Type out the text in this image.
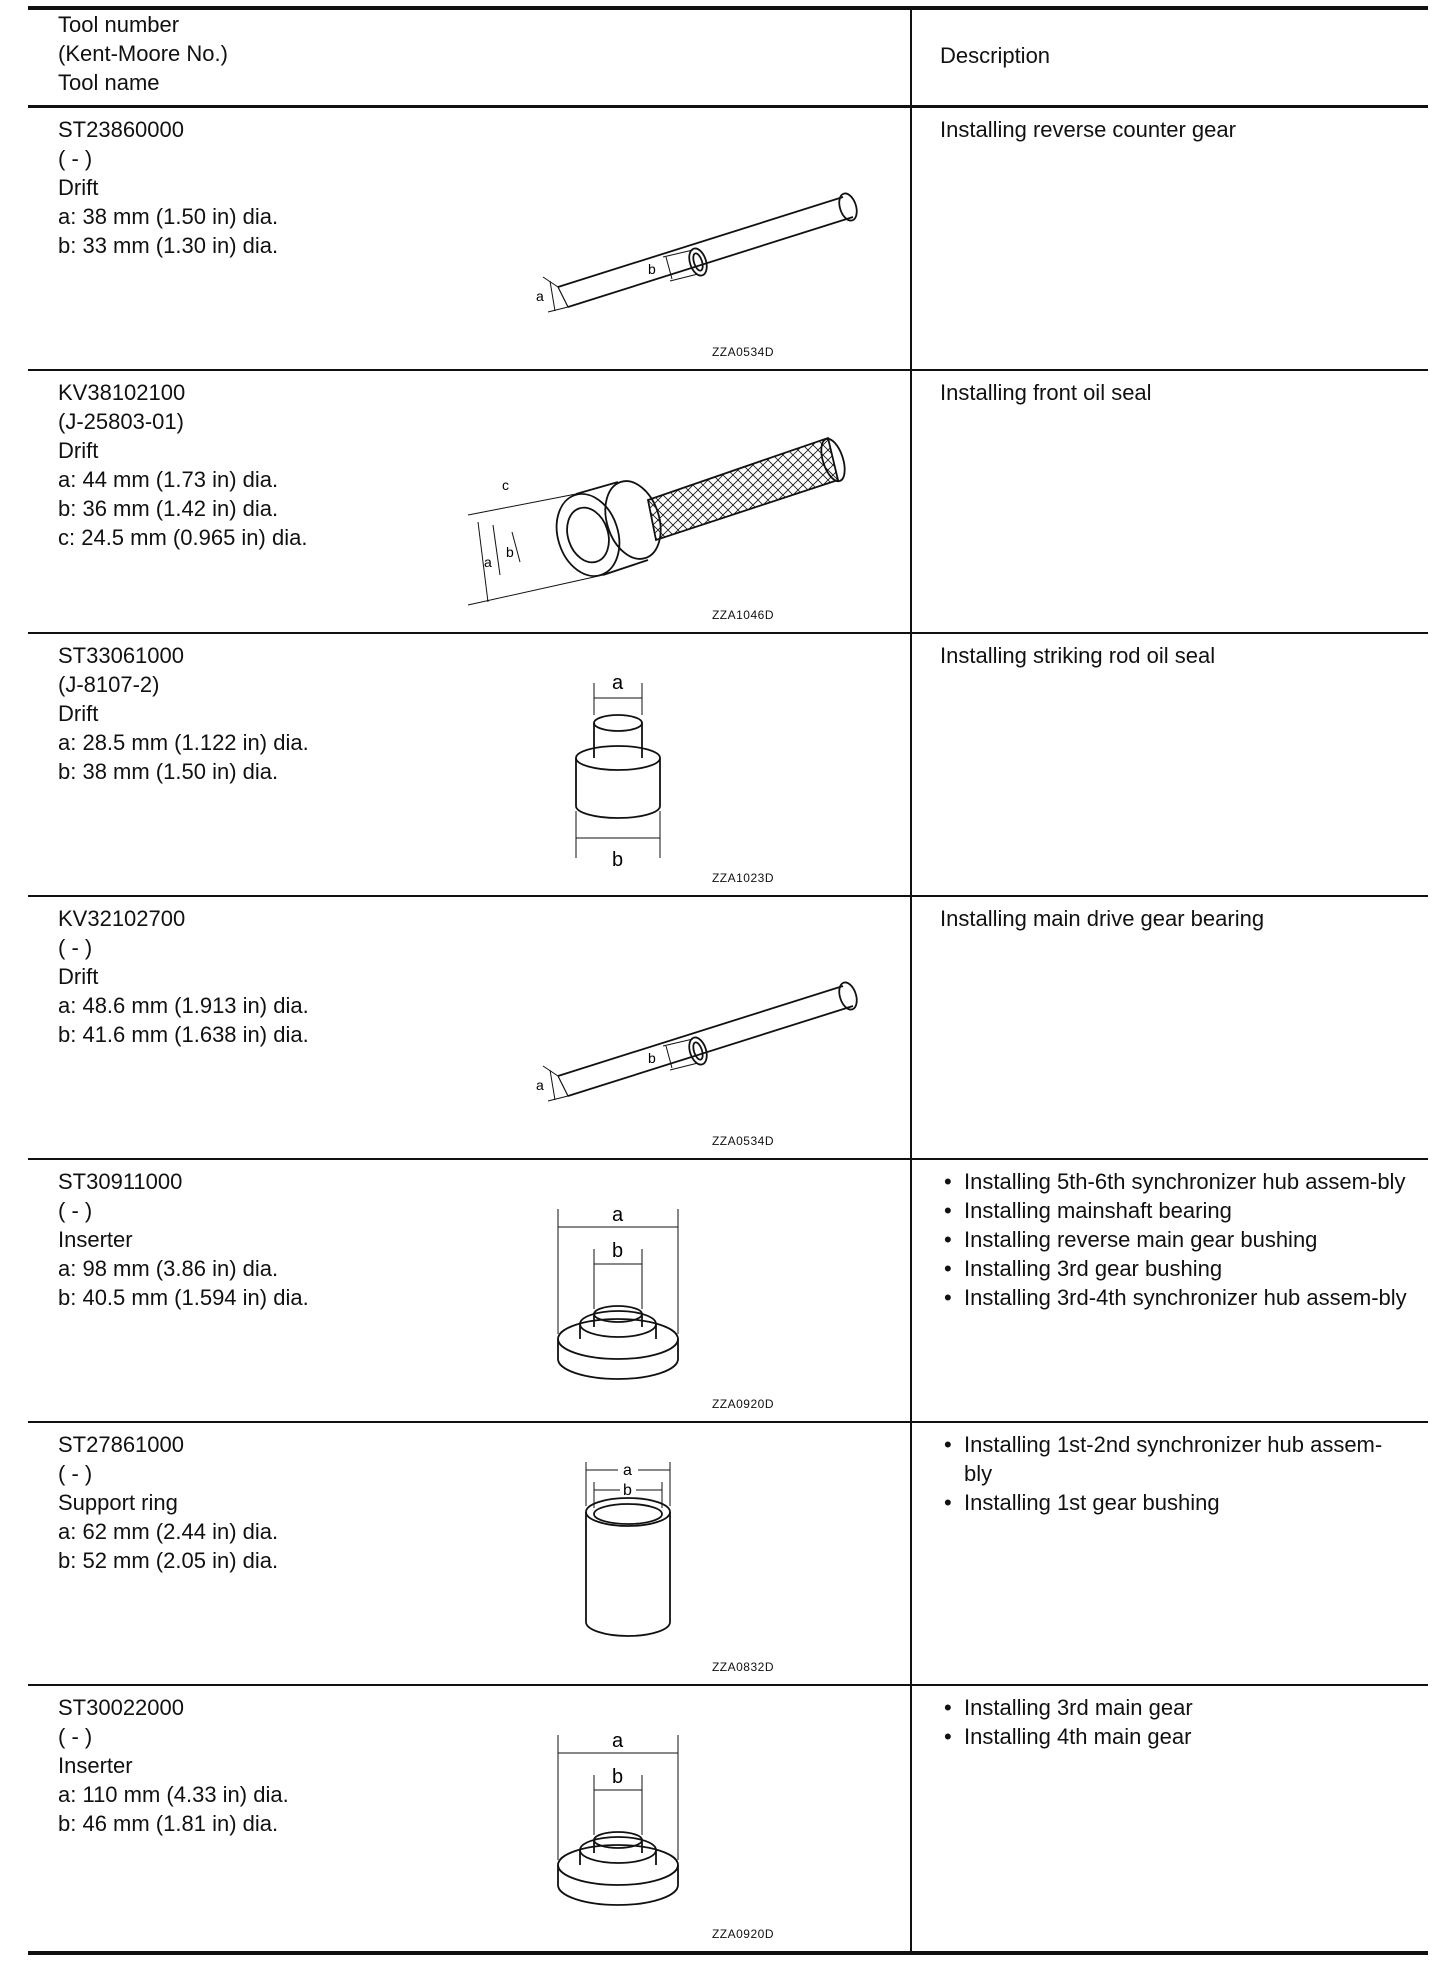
Tool number
(Kent-Moore No.)
Tool name
Description
ST23860000
( - )
Drift
a: 38 mm (1.50 in) dia.
b: 33 mm (1.30 in) dia.
a
b
ZZA0534D
Installing reverse counter gear
KV38102100
(J-25803-01)
Drift
a: 44 mm (1.73 in) dia.
b: 36 mm (1.42 in) dia.
c: 24.5 mm (0.965 in) dia.
a
b
c
ZZA1046D
Installing front oil seal
ST33061000
(J-8107-2)
Drift
a: 28.5 mm (1.122 in) dia.
b: 38 mm (1.50 in) dia.
a
b
ZZA1023D
Installing striking rod oil seal
KV32102700
( - )
Drift
a: 48.6 mm (1.913 in) dia.
b: 41.6 mm (1.638 in) dia.
a
b
ZZA0534D
Installing main drive gear bearing
ST30911000
( - )
Inserter
a: 98 mm (3.86 in) dia.
b: 40.5 mm (1.594 in) dia.
a
b
ZZA0920D
• Installing 5th-6th synchronizer hub assem-bly
• Installing mainshaft bearing
• Installing reverse main gear bushing
• Installing 3rd gear bushing
• Installing 3rd-4th synchronizer hub assem-bly
ST27861000
( - )
Support ring
a: 62 mm (2.44 in) dia.
b: 52 mm (2.05 in) dia.
a
b
ZZA0832D
• Installing 1st-2nd synchronizer hub assem-bly
• Installing 1st gear bushing
ST30022000
( - )
Inserter
a: 110 mm (4.33 in) dia.
b: 46 mm (1.81 in) dia.
a
b
ZZA0920D
• Installing 3rd main gear
• Installing 4th main gear
